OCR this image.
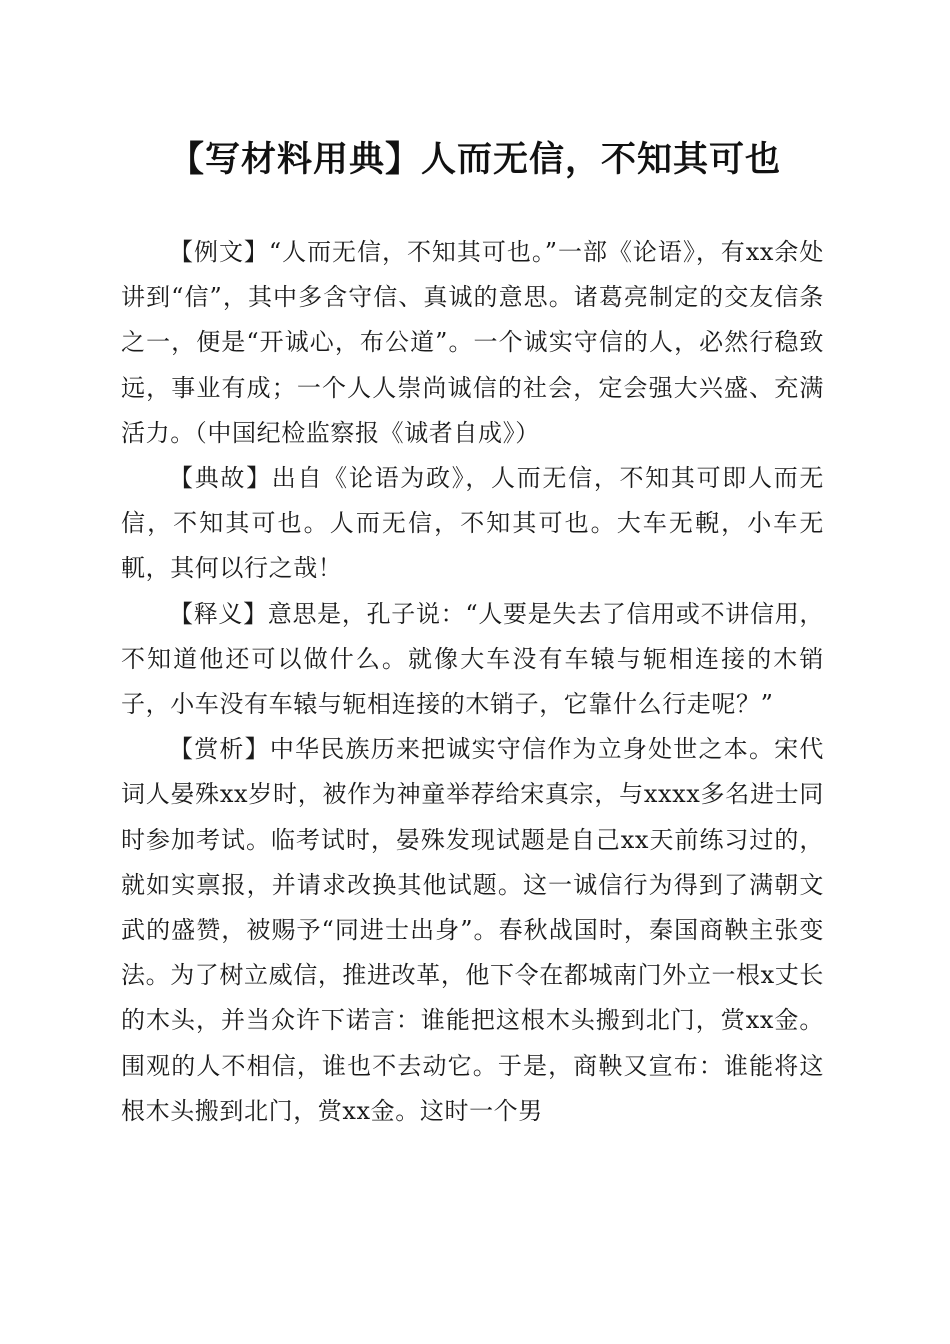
【写材料用典】人而无信，不知其可也

【例文】“人而无信，不知其可也。”一部《论语》，有xx余处讲到“信”，其中多含守信、真诚的意思。诸葛亮制定的交友信条之一，便是“开诚心，布公道”。一个诚实守信的人，必然行稳致远，事业有成；一个人人崇尚诚信的社会，定会强大兴盛、充满活力。（中国纪检监察报《诚者自成》）

【典故】出自《论语为政》，人而无信，不知其可即人而无信，不知其可也。人而无信，不知其可也。大车无輗，小车无軏，其何以行之哉！

【释义】意思是，孔子说：“人要是失去了信用或不讲信用，不知道他还可以做什么。就像大车没有车辕与轭相连接的木销子，小车没有车辕与轭相连接的木销子，它靠什么行走呢？”

【赏析】中华民族历来把诚实守信作为立身处世之本。宋代词人晏殊xx岁时，被作为神童举荐给宋真宗，与xxxx多名进士同时参加考试。临考试时，晏殊发现试题是自己xx天前练习过的，就如实禀报，并请求改换其他试题。这一诚信行为得到了满朝文武的盛赞，被赐予“同进士出身”。春秋战国时，秦国商鞅主张变法。为了树立威信，推进改革，他下令在都城南门外立一根x丈长的木头，并当众许下诺言：谁能把这根木头搬到北门，赏xx金。围观的人不相信，谁也不去动它。于是，商鞅又宣布：谁能将这根木头搬到北门，赏xx金。这时一个男
